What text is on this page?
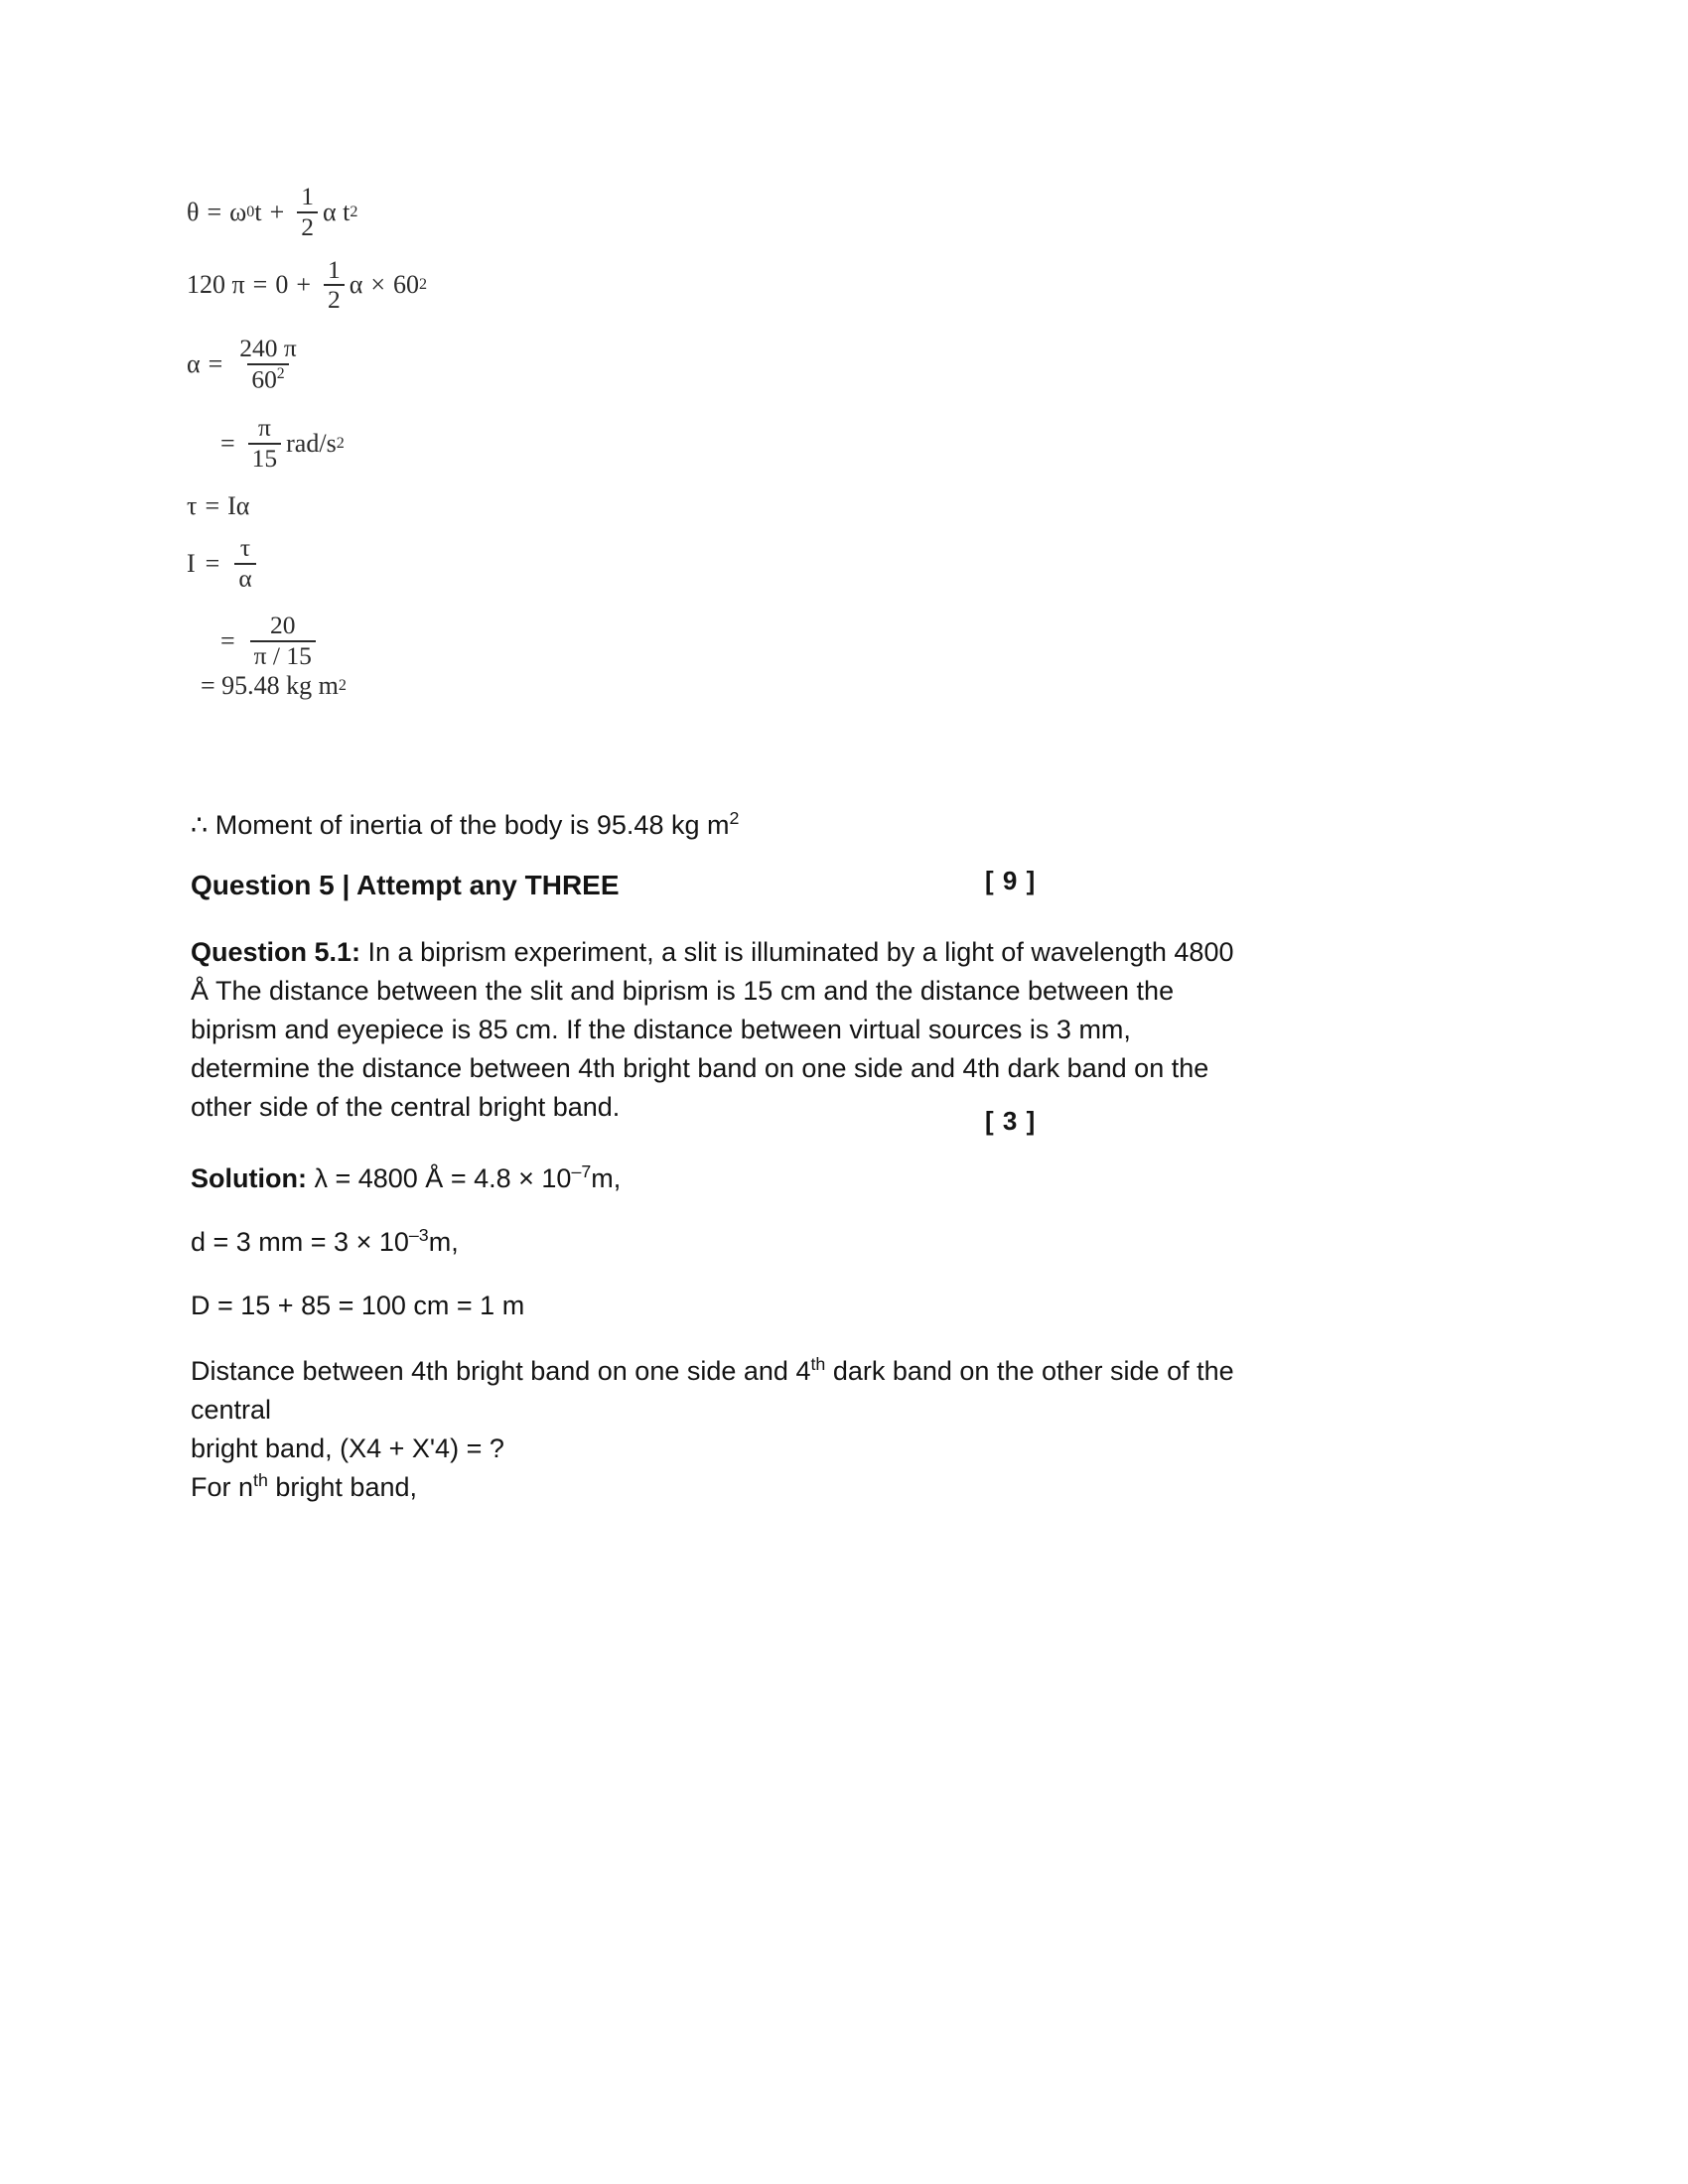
θ = ω 0 $t + \frac{1}{2}$ α t 2
120 $\pi = 0 + \frac{1}{2}$ α × 60 2
$\alpha = \frac{240 \pi}{60^2}$
= $\frac{\pi}{15} rad/s$ 2
τ = Iα
$I = \frac{\tau}{\alpha}$
= $\frac{20}{\pi / 15}$
= 95.48 kg m 2
∴ Moment of inertia of the body is 95.48 kg $m^2$
Question 5 | Attempt any THREE	[ 9 ]
Question 5.1: In a biprism experiment, a slit is illuminated by a light of wavelength 4800
Å The distance between the slit and biprism is 15 cm and the distance between the
biprism and eyepiece is 85 cm. If the distance between virtual sources is 3 mm,
determine the distance between 4th bright band on one side and 4th dark band on the
other side of the central bright band.	[ 3 ]
Solution: λ = 4800 Å = $4.8 \times 10^{-7}m$,
d = 3 mm = $3 \times 10^{-3}m$,
D = 15 + 85 = 100 cm = 1 m
Distance between 4th bright band on one side and 4th dark band on the other side of the
central
bright band, (X4 + X'4) = ?
For $n^{th}$ bright band,
